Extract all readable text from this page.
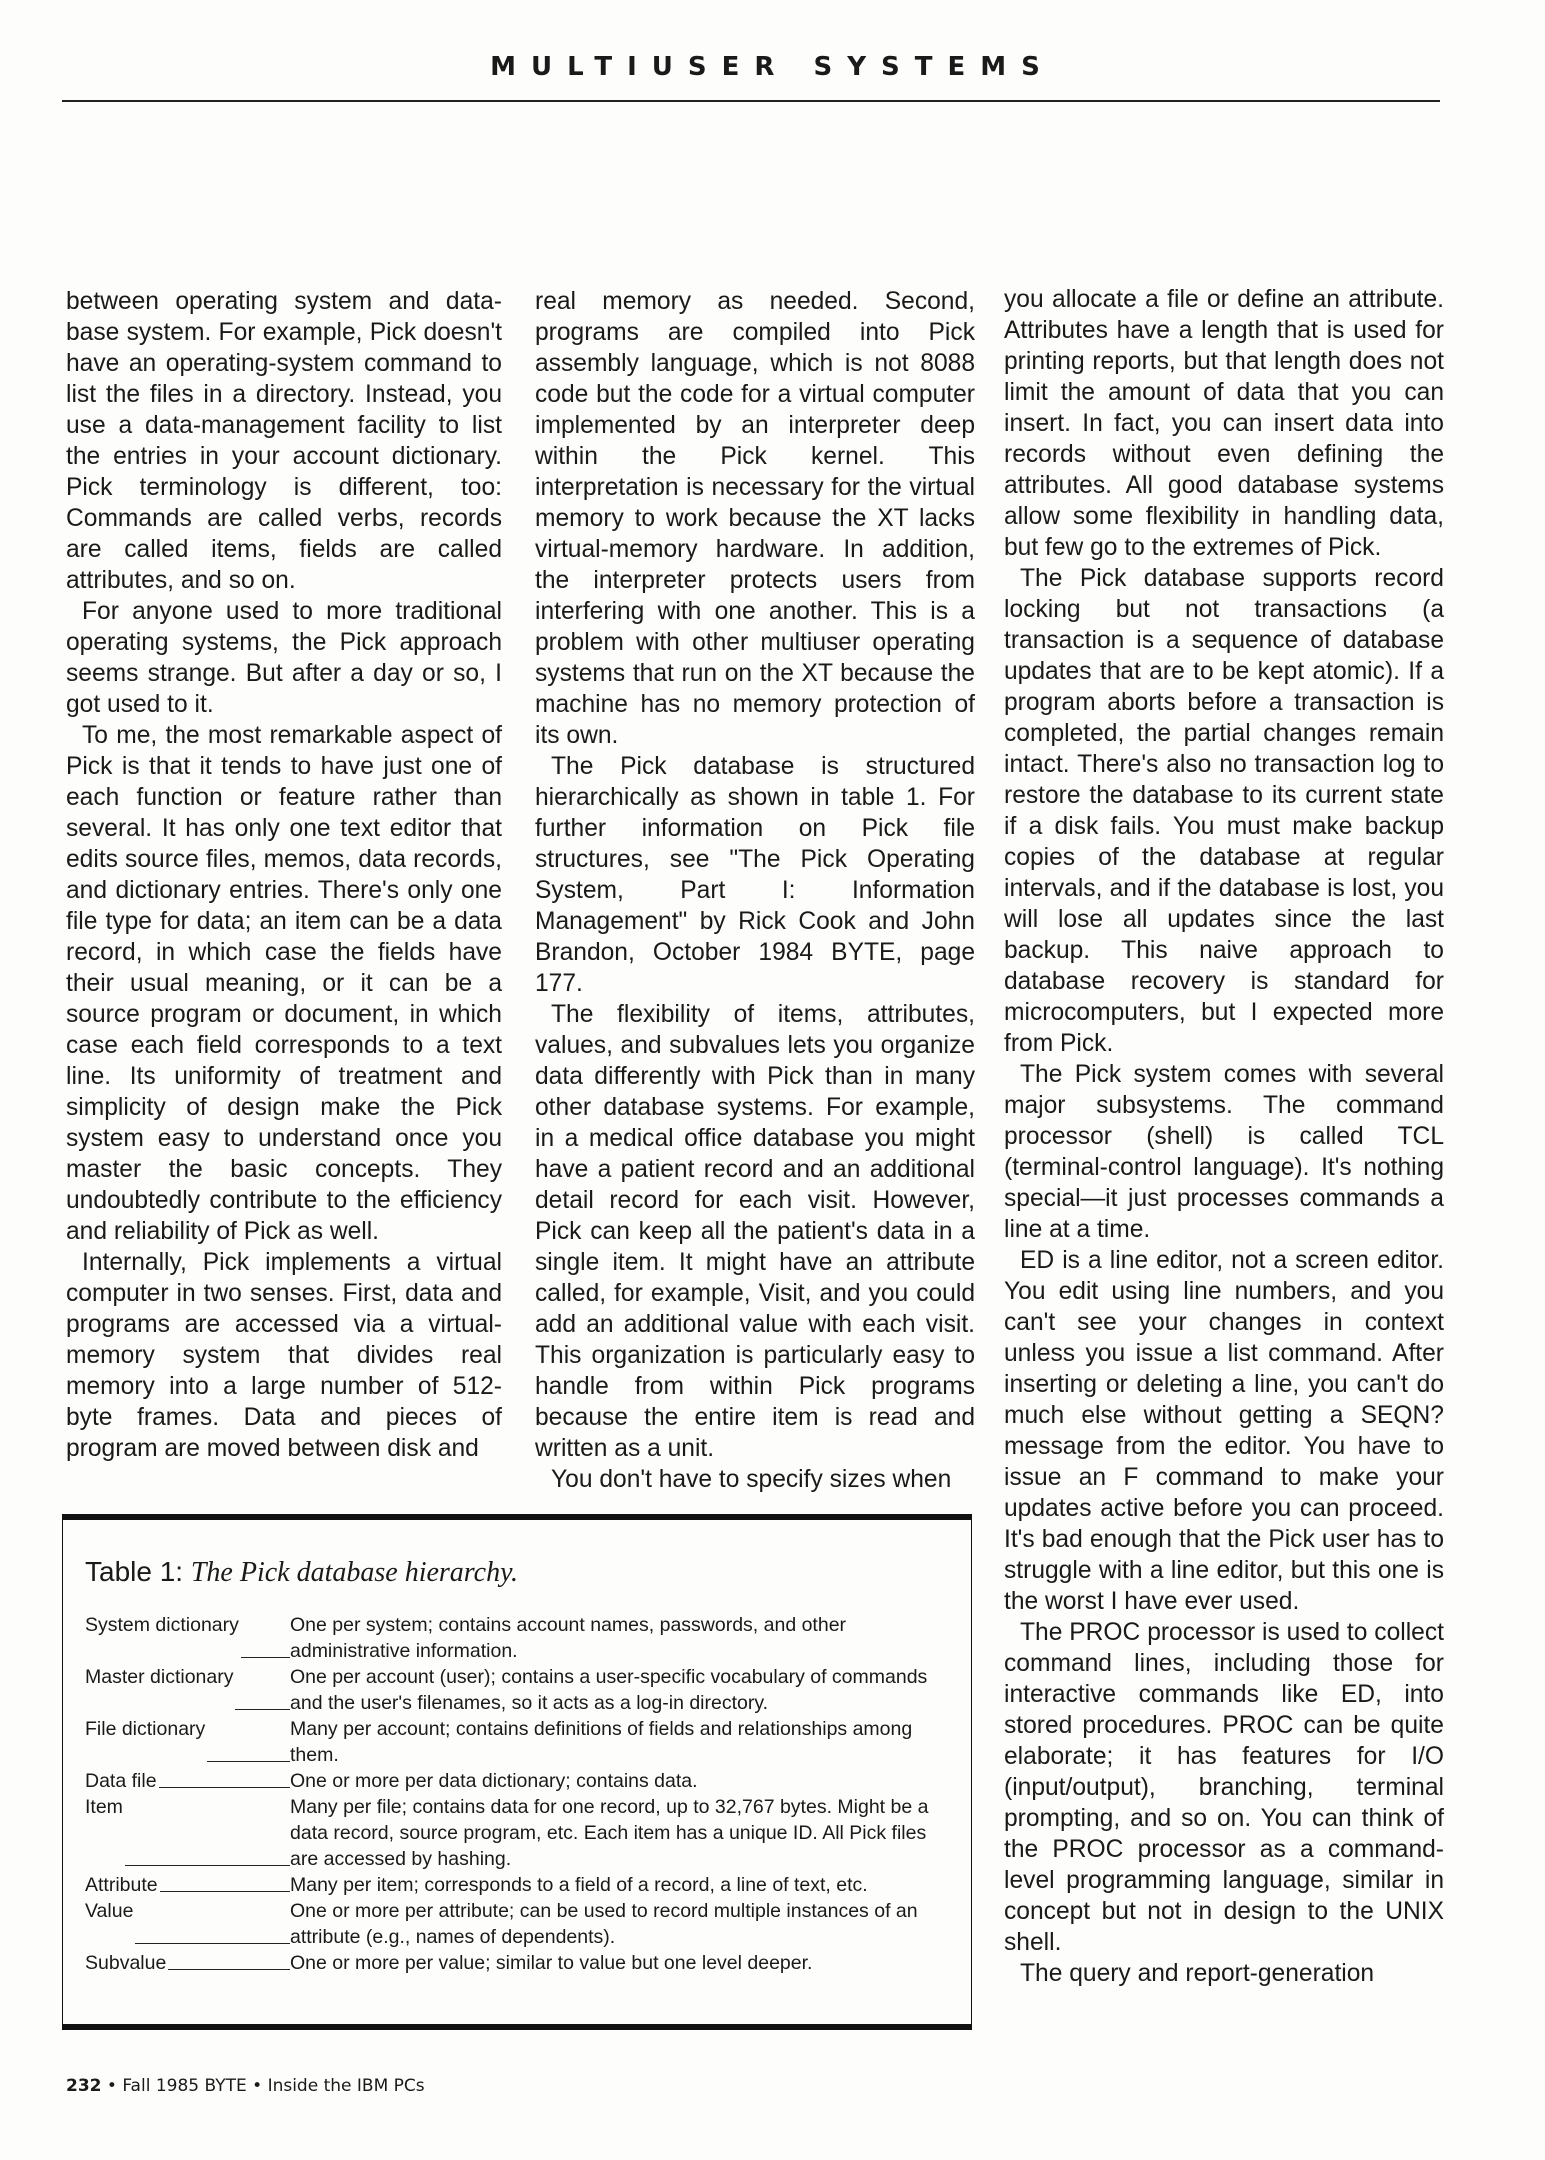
MULTIUSER SYSTEMS

between operating system and data-base system. For example, Pick doesn't have an operating-system command to list the files in a directory. Instead, you use a data-management facility to list the entries in your account dictionary. Pick terminology is different, too: Commands are called verbs, records are called items, fields are called attributes, and so on.

For anyone used to more traditional operating systems, the Pick approach seems strange. But after a day or so, I got used to it.

To me, the most remarkable aspect of Pick is that it tends to have just one of each function or feature rather than several. It has only one text editor that edits source files, memos, data records, and dictionary entries. There's only one file type for data; an item can be a data record, in which case the fields have their usual meaning, or it can be a source program or document, in which case each field corresponds to a text line. Its uniformity of treatment and simplicity of design make the Pick system easy to understand once you master the basic concepts. They undoubtedly contribute to the efficiency and reliability of Pick as well.

Internally, Pick implements a virtual computer in two senses. First, data and programs are accessed via a virtual-memory system that divides real memory into a large number of 512-byte frames. Data and pieces of program are moved between disk and

real memory as needed. Second, programs are compiled into Pick assembly language, which is not 8088 code but the code for a virtual computer implemented by an interpreter deep within the Pick kernel. This interpretation is necessary for the virtual memory to work because the XT lacks virtual-memory hardware. In addition, the interpreter protects users from interfering with one another. This is a problem with other multiuser operating systems that run on the XT because the machine has no memory protection of its own.

The Pick database is structured hierarchically as shown in table 1. For further information on Pick file structures, see "The Pick Operating System, Part I: Information Management" by Rick Cook and John Brandon, October 1984 BYTE, page 177.

The flexibility of items, attributes, values, and subvalues lets you organize data differently with Pick than in many other database systems. For example, in a medical office database you might have a patient record and an additional detail record for each visit. However, Pick can keep all the patient's data in a single item. It might have an attribute called, for example, Visit, and you could add an additional value with each visit. This organization is particularly easy to handle from within Pick programs because the entire item is read and written as a unit.

You don't have to specify sizes when

you allocate a file or define an attribute. Attributes have a length that is used for printing reports, but that length does not limit the amount of data that you can insert. In fact, you can insert data into records without even defining the attributes. All good database systems allow some flexibility in handling data, but few go to the extremes of Pick.

The Pick database supports record locking but not transactions (a transaction is a sequence of database updates that are to be kept atomic). If a program aborts before a transaction is completed, the partial changes remain intact. There's also no transaction log to restore the database to its current state if a disk fails. You must make backup copies of the database at regular intervals, and if the database is lost, you will lose all updates since the last backup. This naive approach to database recovery is standard for microcomputers, but I expected more from Pick.

The Pick system comes with several major subsystems. The command processor (shell) is called TCL (terminal-control language). It's nothing special—it just processes commands a line at a time.

ED is a line editor, not a screen editor. You edit using line numbers, and you can't see your changes in context unless you issue a list command. After inserting or deleting a line, you can't do much else without getting a SEQN? message from the editor. You have to issue an F command to make your updates active before you can proceed. It's bad enough that the Pick user has to struggle with a line editor, but this one is the worst I have ever used.

The PROC processor is used to collect command lines, including those for interactive commands like ED, into stored procedures. PROC can be quite elaborate; it has features for I/O (input/output), branching, terminal prompting, and so on. You can think of the PROC processor as a command-level programming language, similar in concept but not in design to the UNIX shell.

The query and report-generation

Table 1: The Pick database hierarchy.
System dictionary	One per system; contains account names, passwords, and other administrative information.
Master dictionary	One per account (user); contains a user-specific vocabulary of commands and the user's filenames, so it acts as a log-in directory.
File dictionary	Many per account; contains definitions of fields and relationships among them.
Data file	One or more per data dictionary; contains data.
Item	Many per file; contains data for one record, up to 32,767 bytes. Might be a data record, source program, etc. Each item has a unique ID. All Pick files are accessed by hashing.
Attribute	Many per item; corresponds to a field of a record, a line of text, etc.
Value	One or more per attribute; can be used to record multiple instances of an attribute (e.g., names of dependents).
Subvalue	One or more per value; similar to value but one level deeper.
232 • Fall 1985 BYTE • Inside the IBM PCs
